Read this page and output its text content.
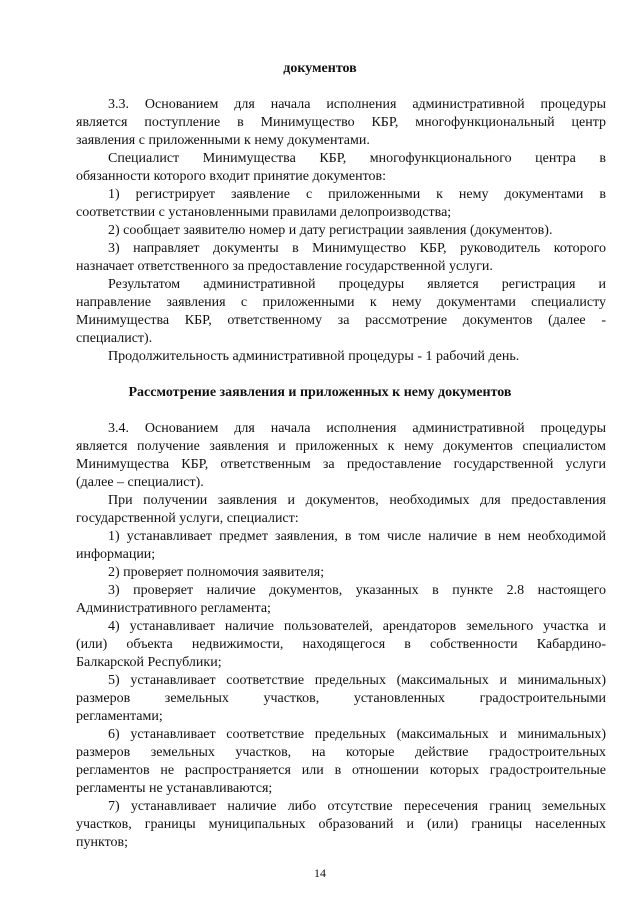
документов
3.3. Основанием для начала исполнения административной процедуры
является поступление в Минимущество КБР, многофункциональный центр
заявления с приложенными к нему документами.
Специалист Минимущества КБР, многофункционального центра в
обязанности которого входит принятие документов:
1) регистрирует заявление с приложенными к нему документами в
соответствии с установленными правилами делопроизводства;
2) сообщает заявителю номер и дату регистрации заявления (документов).
3) направляет документы в Минимущество КБР, руководитель которого
назначает ответственного за предоставление государственной услуги.
Результатом административной процедуры является регистрация и
направление заявления с приложенными к нему документами специалисту
Минимущества КБР, ответственному за рассмотрение документов (далее -
специалист).
Продолжительность административной процедуры - 1 рабочий день.
Рассмотрение заявления и приложенных к нему документов
3.4. Основанием для начала исполнения административной процедуры
является получение заявления и приложенных к нему документов специалистом
Минимущества КБР, ответственным за предоставление государственной услуги
(далее – специалист).
При получении заявления и документов, необходимых для предоставления
государственной услуги, специалист:
1) устанавливает предмет заявления, в том числе наличие в нем необходимой
информации;
2) проверяет полномочия заявителя;
3) проверяет наличие документов, указанных в пункте 2.8 настоящего
Административного регламента;
4) устанавливает наличие пользователей, арендаторов земельного участка и
(или) объекта недвижимости, находящегося в собственности Кабардино-
Балкарской Республики;
5) устанавливает соответствие предельных (максимальных и минимальных)
размеров земельных участков, установленных градостроительными
регламентами;
6) устанавливает соответствие предельных (максимальных и минимальных)
размеров земельных участков, на которые действие градостроительных
регламентов не распространяется или в отношении которых градостроительные
регламенты не устанавливаются;
7) устанавливает наличие либо отсутствие пересечения границ земельных
участков, границы муниципальных образований и (или) границы населенных
пунктов;
14
